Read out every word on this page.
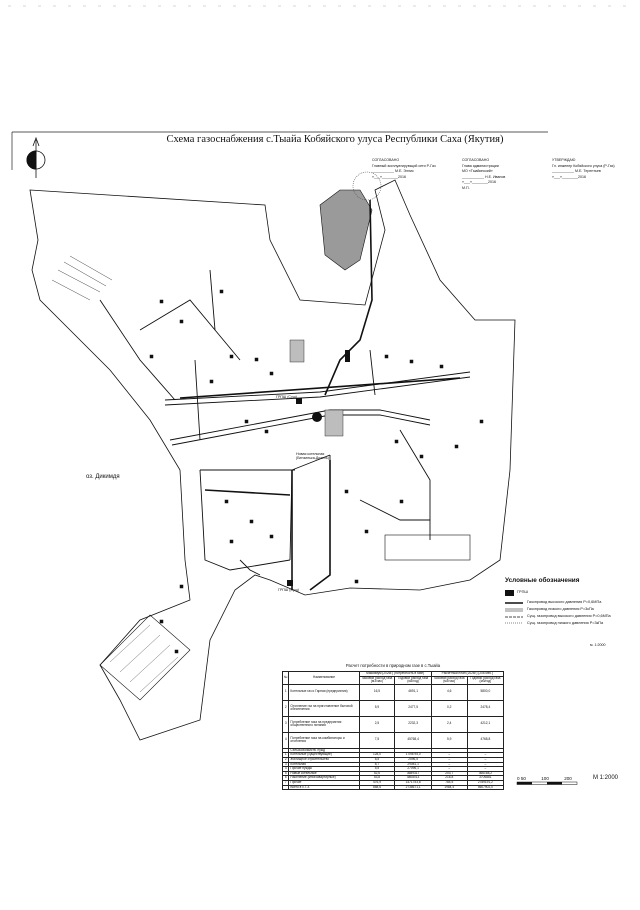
Схема газоснабжения с.Тыайа Кобяйского улуса Республики Саха (Якутия)
СОГЛАСОВАНО
Главный эксплуатирующий сети Р-Газ
___________ М.Е. Эллис
«___»________2016
СОГЛАСОВАНО
Глава администрации
МО «Тыайинский»
___________ Н.Е. Иванов
«___»________2016
М.П.
УТВЕРЖДАЮ
Гл. инженер Кобяйского улуса (Р-Газ)
___________ М.Е. Терентьев
«___»________2016
оз. Дикимдя
ГРПШ (Сущ)
ГРПШ (Сущ)
Новая котельная (Бензинька-Дизель)
Условные обозначения
ГРПШ
Газопровод высокого давления Р=0,6МПа
Газопровод низкого давления Р=3кПа
Сущ. газопровод высокого давления Р=0,6МПа
Сущ. газопровод низкого давления Р=3кПа
м. 1:2000
0 50	100	200	М 1:2000
Расчет потребности в природном газе в с.Тыайа
№	Наименование	Максимум (2026г.) (потребность в газе)		Расчетный план (2026г.) (206 мес.)	
		Часовой расход газа (м3/час)	Годовой расход газа (м3/год)	Часовой расход газа (м3/час)	Годовой расход газа (м3/год)
1	Котельные газ и Гарная (предприятия)	16,5	4691,1	4,6	5800,0
2	Отопление газ на приготовление бытовой обеспечения	5,9	2477,5	0,2	2478,4
3	Потребление газа на предприятия общественного питания	2,5	2232,3	2,4	4212,1
4	Потребление газа на комбинаторы и отопления	7,5	45768,4	5,9	4768,8
	Сельскохозяйств. нужд				
1	Котельные (существующие)	128,0	1 098 95,0	–	–
2	Жилищное строительство	8,5	2596,5	–	–
3	Котельная	8,7	29081,1	–	–
4	Прочие нужды	5,5	27096,1	–	–
5	Новые котельные	52,6	3689317	203,7	366168,2
6	Население (многоквартирные)	53,8	4808013	216,8	3706881
7	Прочие	476,9	1471753,8	784,5	2789191,2
	Всего в с.Т.З.	858,6	2738671,1	1984,4	5607902,0
